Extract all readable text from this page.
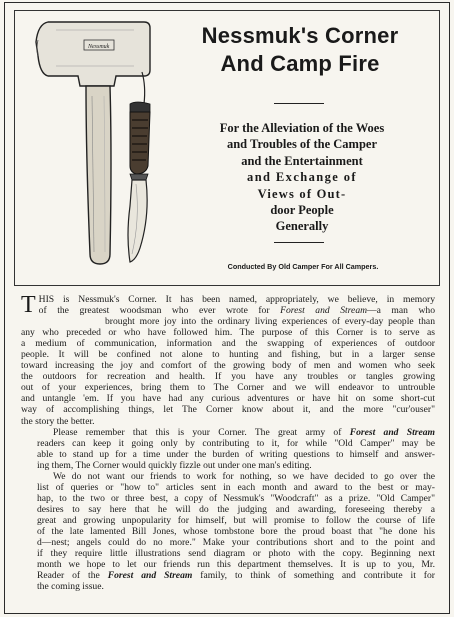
Nessmuk	Nessmuk's Corner
And Camp Fire
For the Alleviation of the Woes
and Troubles of the Camper
and the Entertainment
and Exchange of
Views of Out-
door People
Generally
Conducted By Old Camper For All Campers.
T HIS is Nessmuk's Corner. It has been named, appropriately, we believe, in memory
of the greatest woodsman who ever wrote for Forest and Stream—a man who
brought more joy into the ordinary living experiences of every-day people than
any who preceded or who have followed him. The purpose of this Corner is to serve as
a medium of communication, information and the swapping of experiences of outdoor
people. It will be confined not alone to hunting and fishing, but in a larger sense
toward increasing the joy and comfort of the growing body of men and women who seek
the outdoors for recreation and health. If you have any troubles or tangles growing
out of your experiences, bring them to The Corner and we will endeavor to untrouble
and untangle 'em. If you have had any curious adventures or have hit on some short-cut
way of accomplishing things, let The Corner know about it, and the more "cur'ouser"
the story the better.
Please remember that this is your Corner. The great army of Forest and Stream
readers can keep it going only by contributing to it, for while "Old Camper" may be
able to stand up for a time under the burden of writing questions to himself and answer-
ing them, The Corner would quickly fizzle out under one man's editing.
We do not want our friends to work for nothing, so we have decided to go over the
list of queries or "how to" articles sent in each month and award to the best or may-
hap, to the two or three best, a copy of Nessmuk's "Woodcraft" as a prize. "Old Camper"
desires to say here that he will do the judging and awarding, foreseeing thereby a
great and growing unpopularity for himself, but will promise to follow the course of life
of the late lamented Bill Jones, whose tombstone bore the proud boast that "he done his
d—nest; angels could do no more." Make your contributions short and to the point and
if they require little illustrations send diagram or photo with the copy. Beginning next
month we hope to let our friends run this department themselves. It is up to you, Mr.
Reader of the Forest and Stream family, to think of something and contribute it for
the coming issue.
